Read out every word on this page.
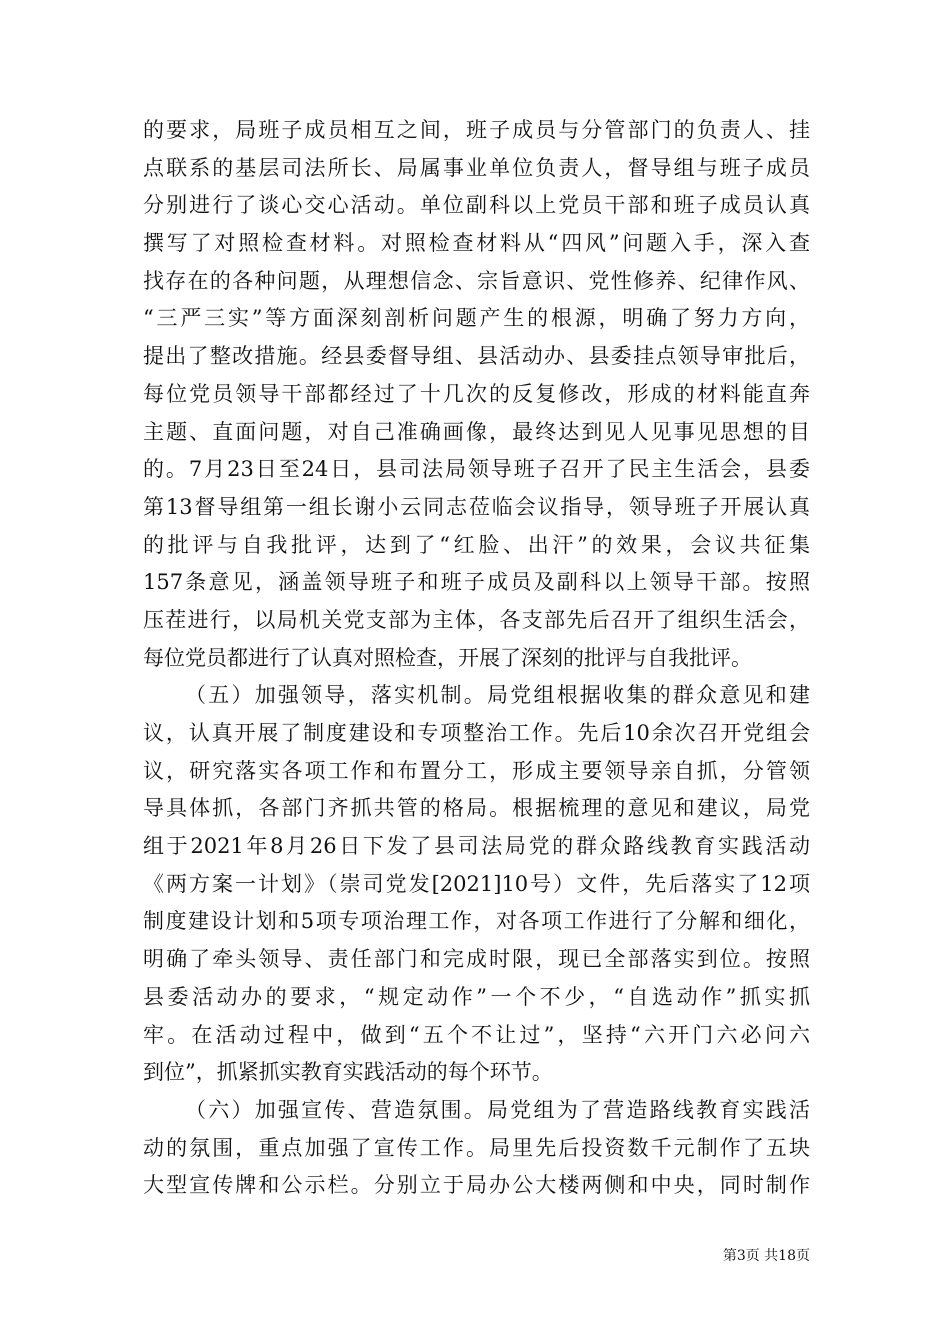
的要求，局班子成员相互之间，班子成员与分管部门的负责人、挂
点联系的基层司法所长、局属事业单位负责人，督导组与班子成员
分别进行了谈心交心活动。单位副科以上党员干部和班子成员认真
撰写了对照检查材料。对照检查材料从“四风”问题入手，深入查
找存在的各种问题，从理想信念、宗旨意识、党性修养、纪律作风、
“三严三实”等方面深刻剖析问题产生的根源，明确了努力方向，
提出了整改措施。经县委督导组、县活动办、县委挂点领导审批后，
每位党员领导干部都经过了十几次的反复修改，形成的材料能直奔
主题、直面问题，对自己准确画像，最终达到见人见事见思想的目
的。7月23日至24日，县司法局领导班子召开了民主生活会，县委
第13督导组第一组长谢小云同志莅临会议指导，领导班子开展认真
的批评与自我批评，达到了“红脸、出汗”的效果，会议共征集
157条意见，涵盖领导班子和班子成员及副科以上领导干部。按照
压茬进行，以局机关党支部为主体，各支部先后召开了组织生活会，
每位党员都进行了认真对照检查，开展了深刻的批评与自我批评。
（五）加强领导，落实机制。局党组根据收集的群众意见和建
议，认真开展了制度建设和专项整治工作。先后10余次召开党组会
议，研究落实各项工作和布置分工，形成主要领导亲自抓，分管领
导具体抓，各部门齐抓共管的格局。根据梳理的意见和建议，局党
组于2021年8月26日下发了县司法局党的群众路线教育实践活动
《两方案一计划》（崇司党发[2021]10号）文件，先后落实了12项
制度建设计划和5项专项治理工作，对各项工作进行了分解和细化，
明确了牵头领导、责任部门和完成时限，现已全部落实到位。按照
县委活动办的要求，“规定动作”一个不少，“自选动作”抓实抓
牢。在活动过程中，做到“五个不让过”，坚持“六开门六必问六
到位”，抓紧抓实教育实践活动的每个环节。
（六）加强宣传、营造氛围。局党组为了营造路线教育实践活
动的氛围，重点加强了宣传工作。局里先后投资数千元制作了五块
大型宣传牌和公示栏。分别立于局办公大楼两侧和中央，同时制作
第3页 共18页
